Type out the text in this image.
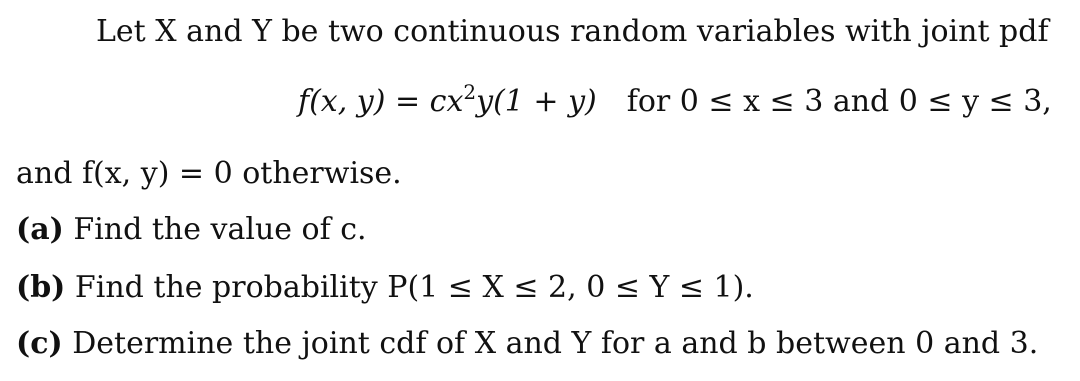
Let X and Y be two continuous random variables with joint pdf
f(x, $y) = cx^2y(1 + y)$ for 0 ≤ x ≤ 3 and 0 ≤ y ≤ 3,
and f(x, y) = 0 otherwise.
(a) Find the value of c.
(b) Find the probability P(1 ≤ X ≤ 2, 0 ≤ Y ≤ 1).
(c) Determine the joint cdf of X and Y for a and b between 0 and 3.
